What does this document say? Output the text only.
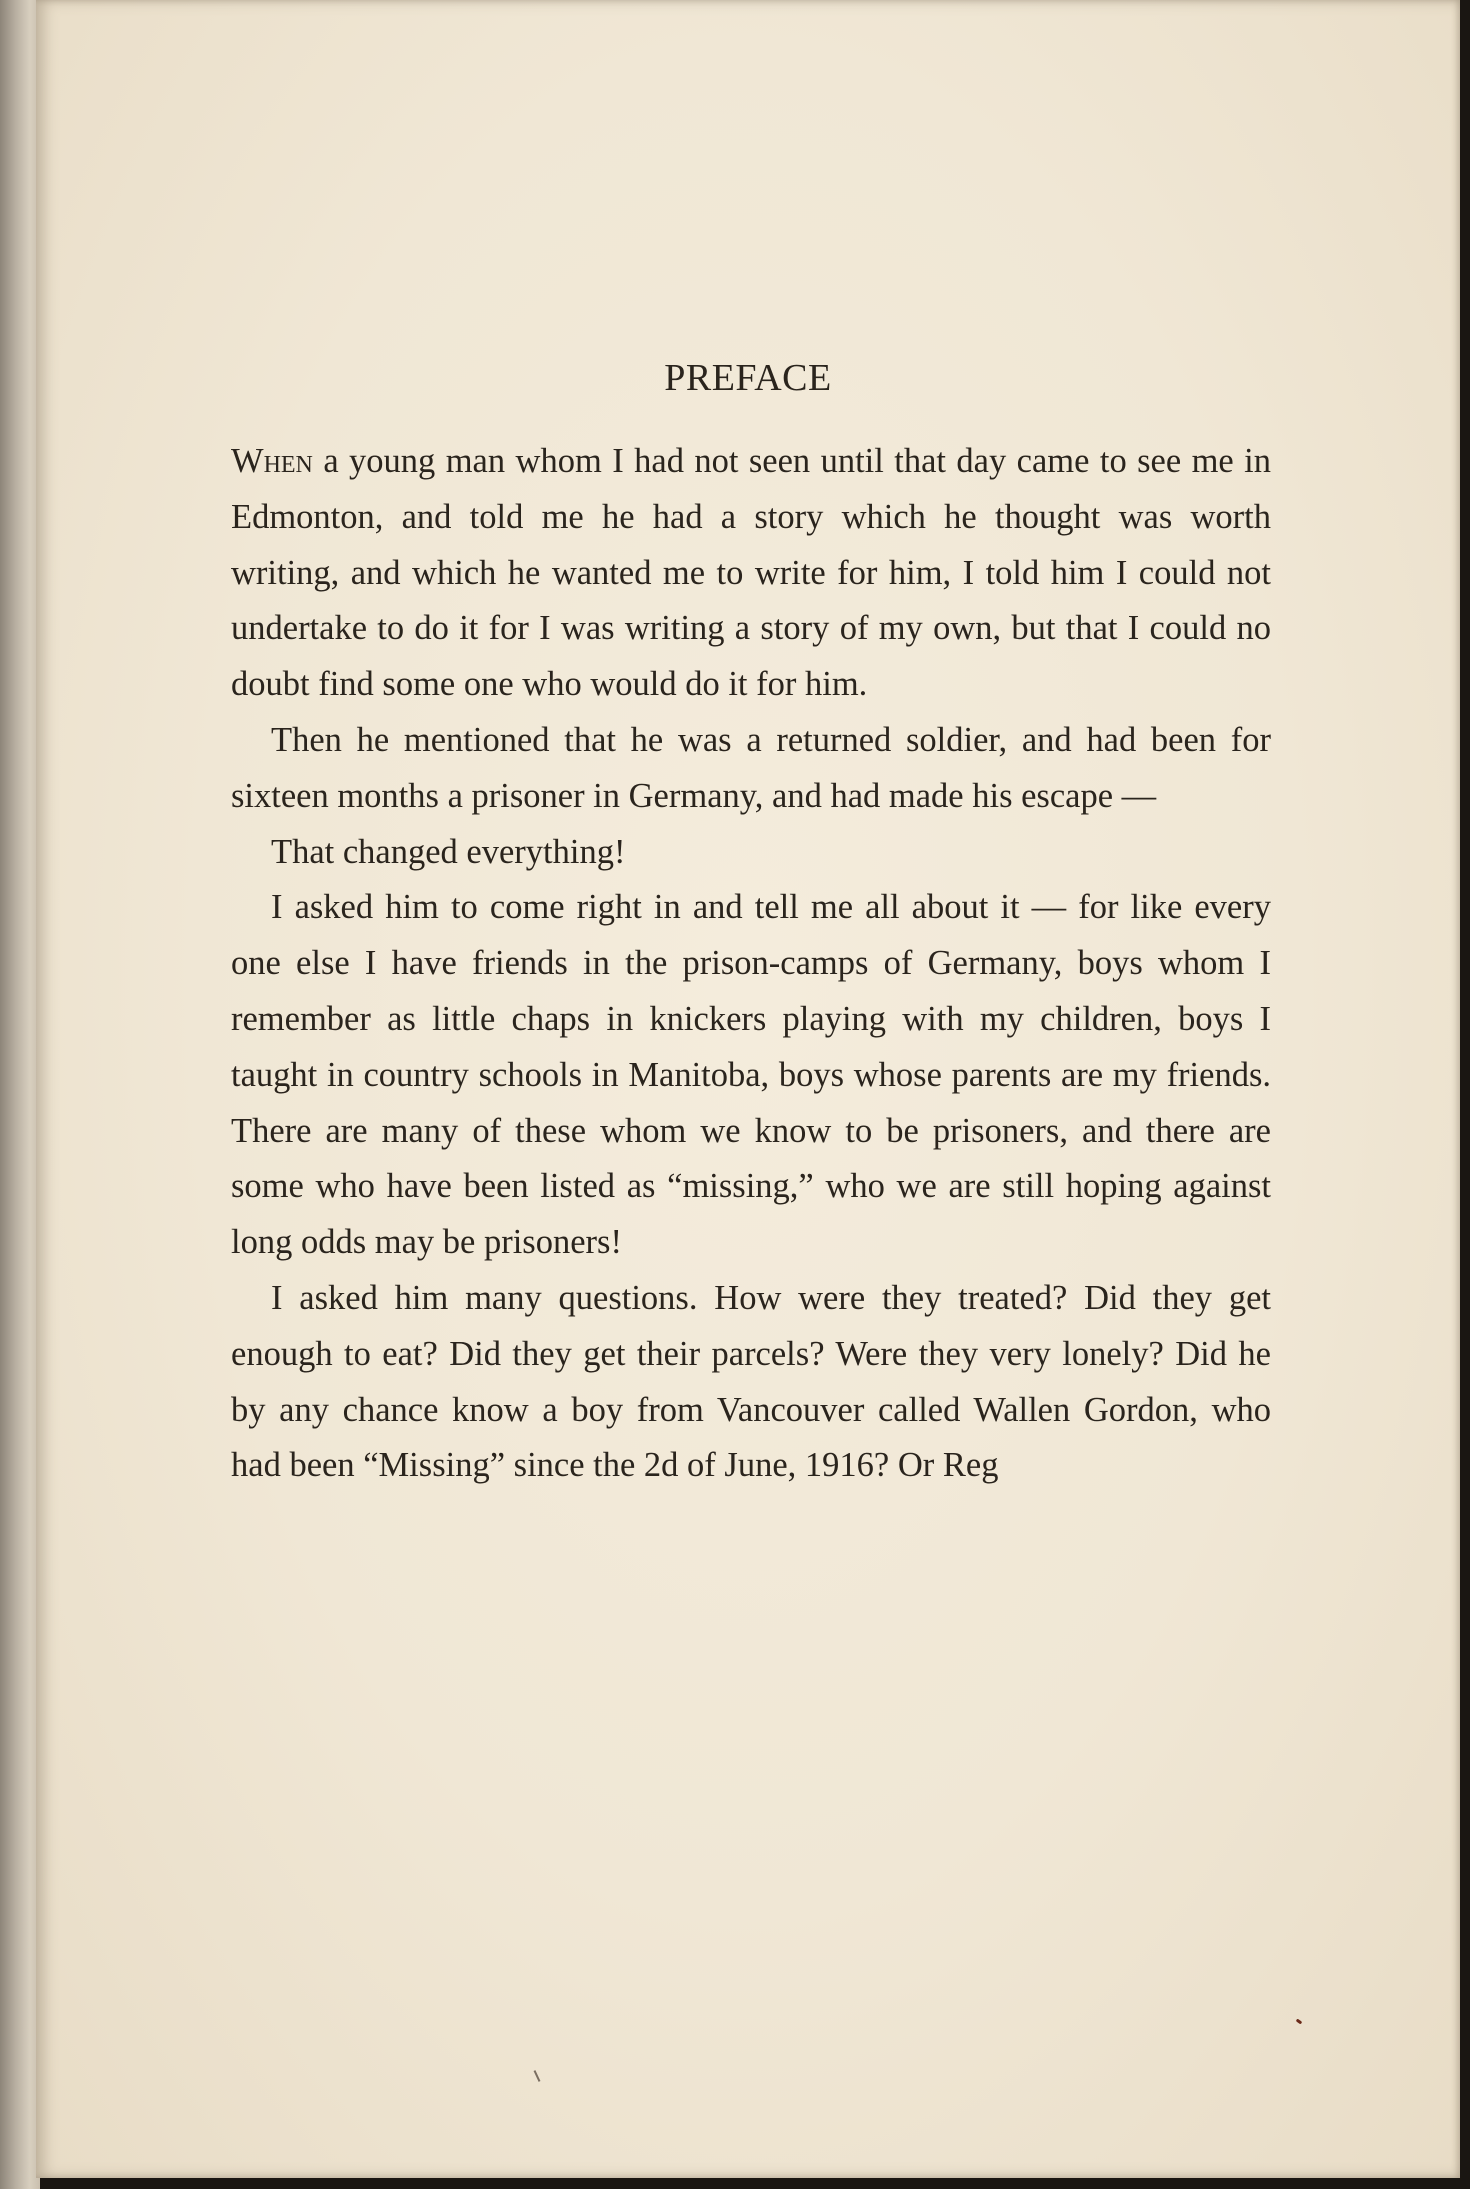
PREFACE

When a young man whom I had not seen until that day came to see me in Edmonton, and told me he had a story which he thought was worth writing, and which he wanted me to write for him, I told him I could not undertake to do it for I was writing a story of my own, but that I could no doubt find some one who would do it for him.

Then he mentioned that he was a returned soldier, and had been for sixteen months a prisoner in Germany, and had made his escape —

That changed everything!

I asked him to come right in and tell me all about it — for like every one else I have friends in the prison-camps of Germany, boys whom I remember as little chaps in knickers playing with my children, boys I taught in country schools in Manitoba, boys whose parents are my friends. There are many of these whom we know to be prisoners, and there are some who have been listed as “missing,” who we are still hoping against long odds may be prisoners!

I asked him many questions. How were they treated? Did they get enough to eat? Did they get their parcels? Were they very lonely? Did he by any chance know a boy from Vancouver called Wallen Gordon, who had been “Missing” since the 2d of June, 1916? Or Reg
